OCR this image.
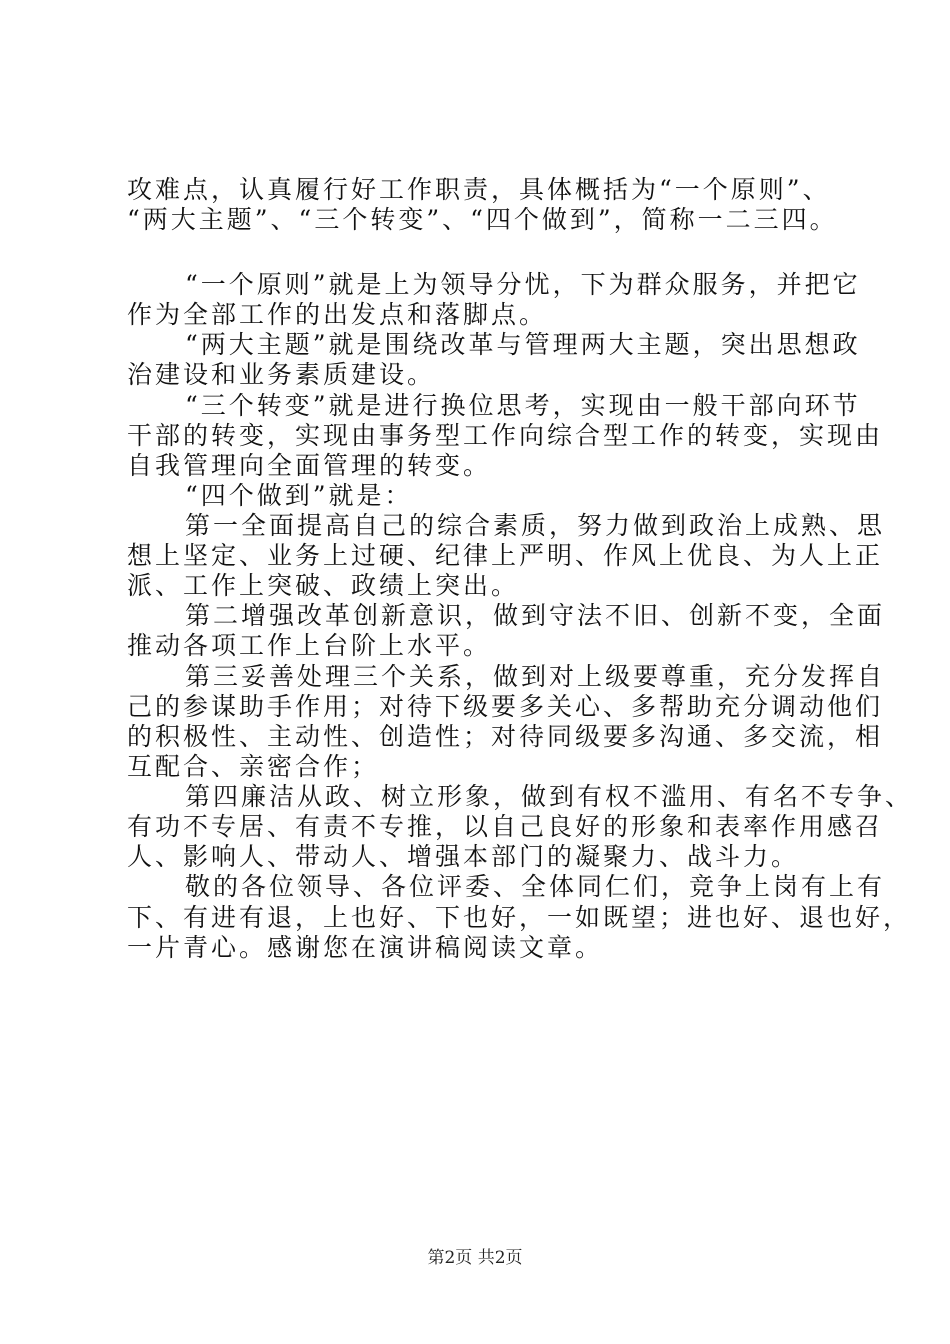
攻难点，认真履行好工作职责，具体概括为“一个原则”、
“两大主题”、“三个转变”、“四个做到”，简称一二三四。
“一个原则”就是上为领导分忧，下为群众服务，并把它
作为全部工作的出发点和落脚点。
“两大主题”就是围绕改革与管理两大主题，突出思想政
治建设和业务素质建设。
“三个转变”就是进行换位思考，实现由一般干部向环节
干部的转变，实现由事务型工作向综合型工作的转变，实现由
自我管理向全面管理的转变。
“四个做到”就是：
第一全面提高自己的综合素质，努力做到政治上成熟、思
想上坚定、业务上过硬、纪律上严明、作风上优良、为人上正
派、工作上突破、政绩上突出。
第二增强改革创新意识，做到守法不旧、创新不变，全面
推动各项工作上台阶上水平。
第三妥善处理三个关系，做到对上级要尊重，充分发挥自
己的参谋助手作用；对待下级要多关心、多帮助充分调动他们
的积极性、主动性、创造性；对待同级要多沟通、多交流，相
互配合、亲密合作；
第四廉洁从政、树立形象，做到有权不滥用、有名不专争、
有功不专居、有责不专推，以自己良好的形象和表率作用感召
人、影响人、带动人、增强本部门的凝聚力、战斗力。
敬的各位领导、各位评委、全体同仁们，竞争上岗有上有
下、有进有退，上也好、下也好，一如既望；进也好、退也好，
一片青心。感谢您在演讲稿阅读文章。
第2页 共2页
